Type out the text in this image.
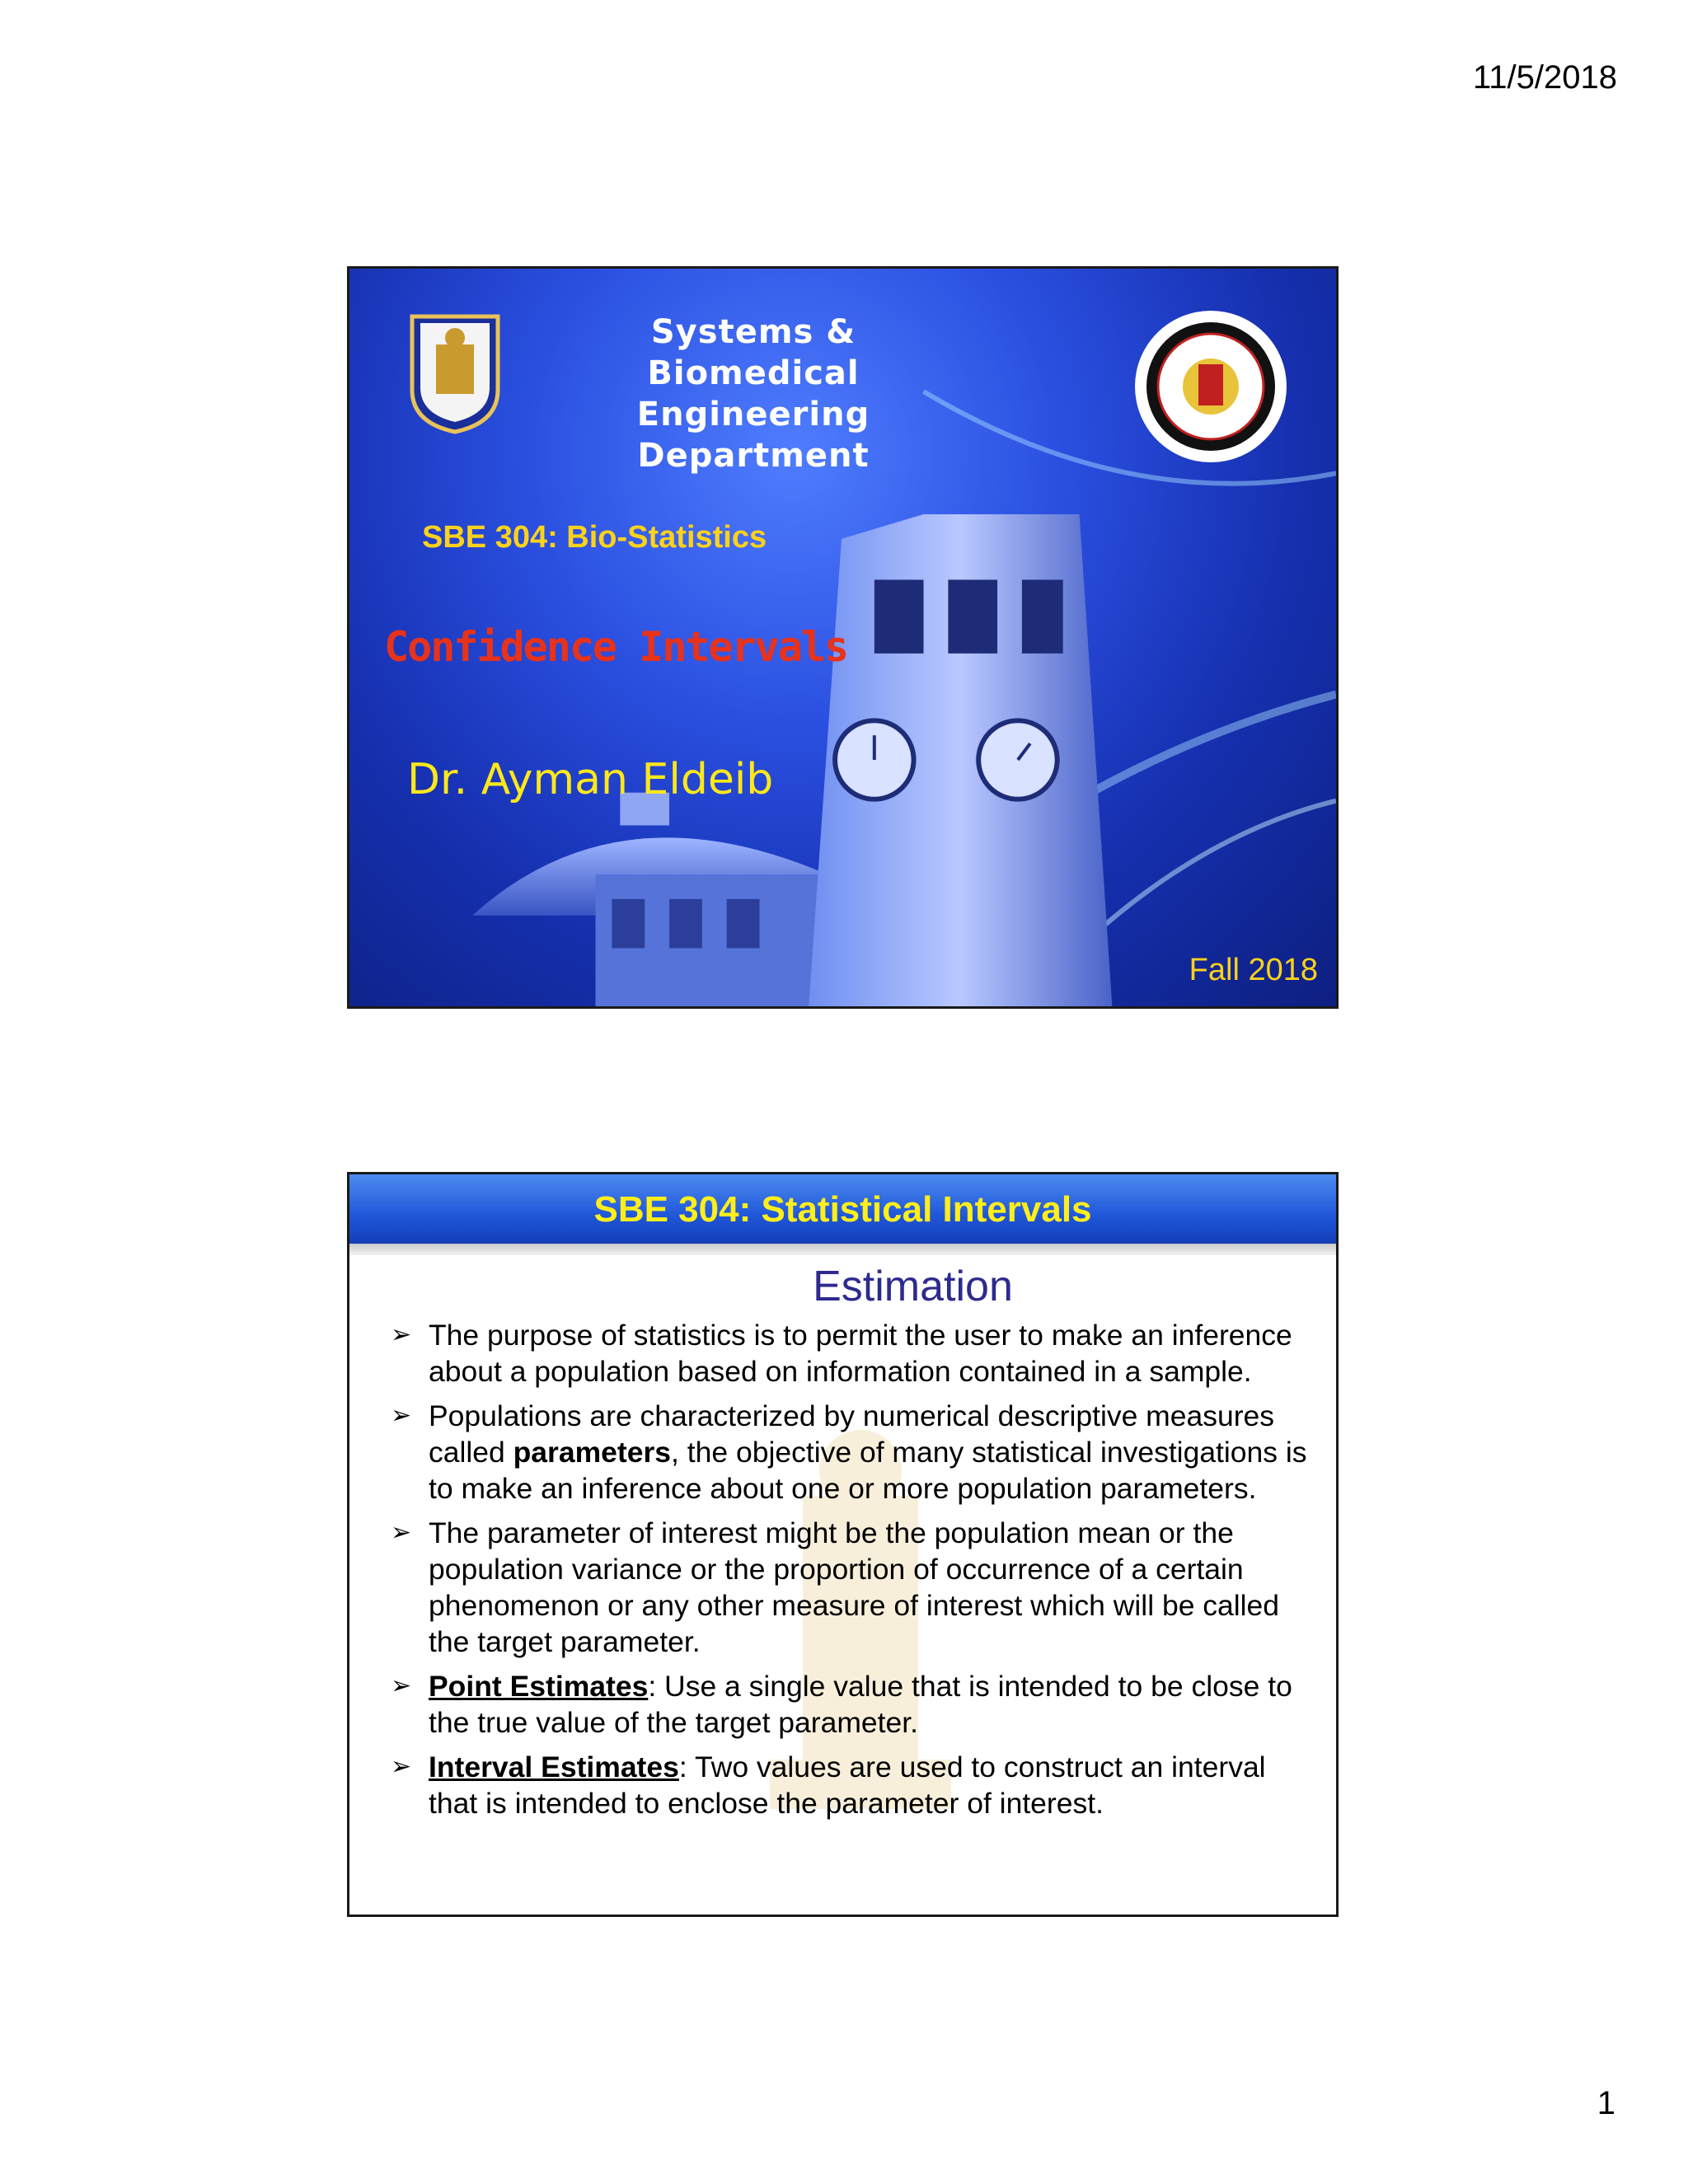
11/5/2018
Systems & Biomedical Engineering Department
SBE 304: Bio-Statistics
Confidence Intervals
Dr. Ayman Eldeib
Fall 2018
SBE 304: Statistical Intervals
Estimation
➢ The purpose of statistics is to permit the user to make an inference about a population based on information contained in a sample.
➢ Populations are characterized by numerical descriptive measures called parameters, the objective of many statistical investigations is to make an inference about one or more population parameters.
➢ The parameter of interest might be the population mean or the population variance or the proportion of occurrence of a certain phenomenon or any other measure of interest which will be called the target parameter.
➢ Point Estimates: Use a single value that is intended to be close to the true value of the target parameter.
➢ Interval Estimates: Two values are used to construct an interval that is intended to enclose the parameter of interest.
1
